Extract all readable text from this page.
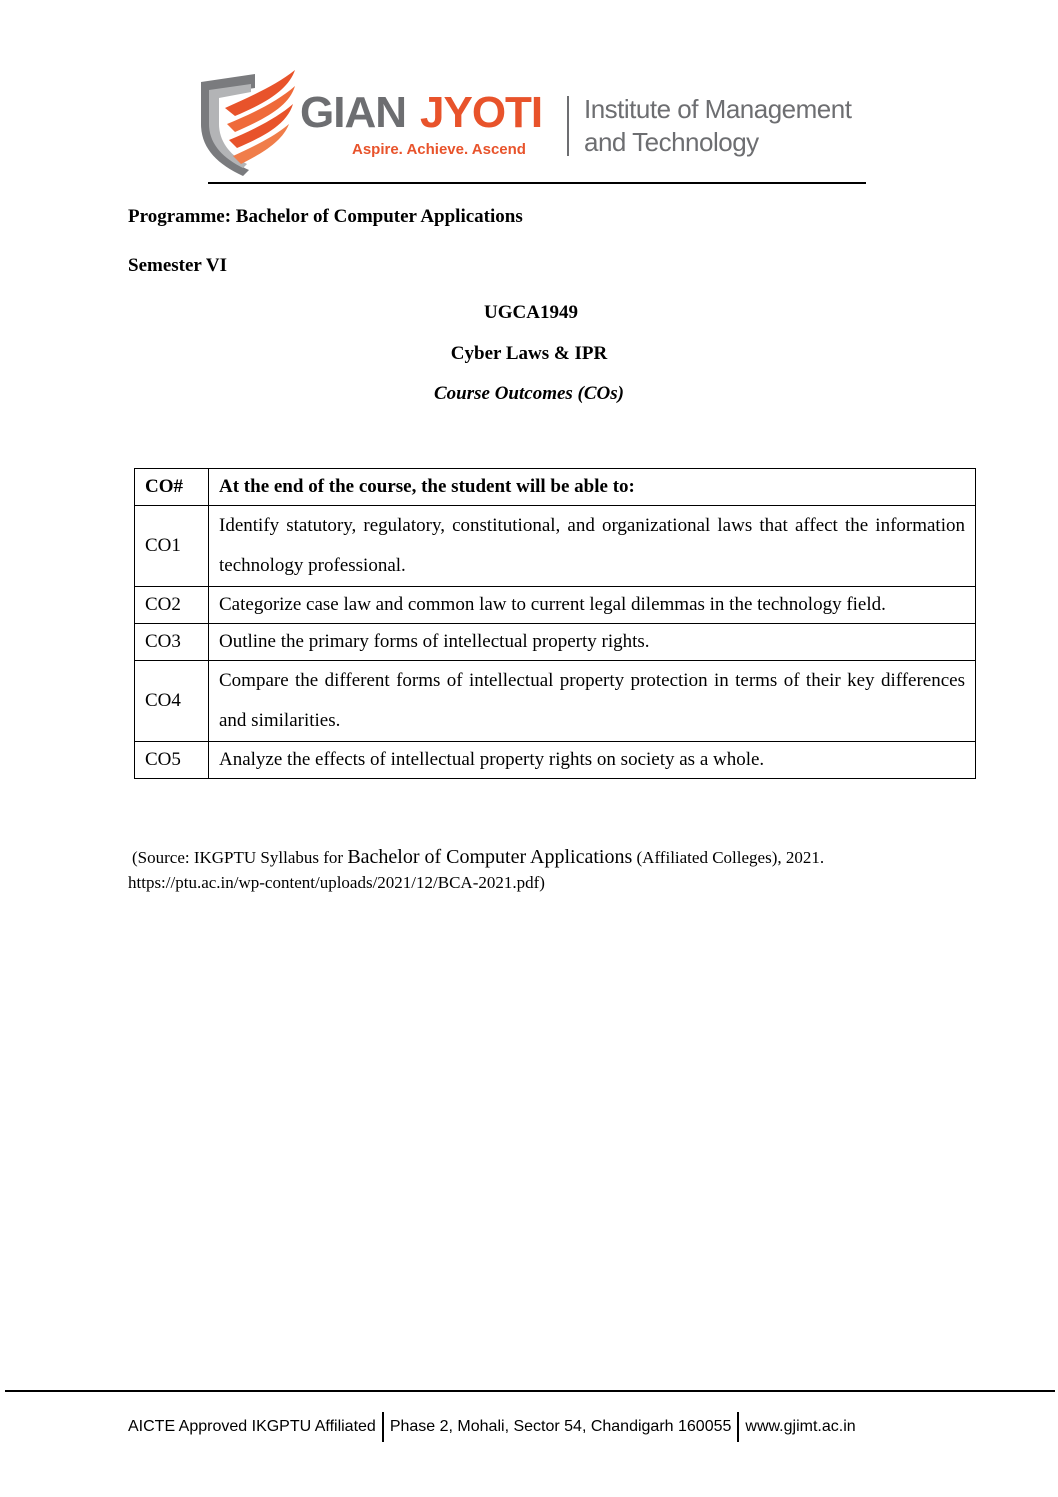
GIAN JYOTI
Aspire. Achieve. Ascend
Institute of Management
and Technology
Programme: Bachelor of Computer Applications
Semester VI
UGCA1949
Cyber Laws & IPR
Course Outcomes (COs)
CO#	At the end of the course, the student will be able to:
CO1	Identify statutory, regulatory, constitutional, and organizational laws that affect the information technology professional.
CO2	Categorize case law and common law to current legal dilemmas in the technology field.
CO3	Outline the primary forms of intellectual property rights.
CO4	Compare the different forms of intellectual property protection in terms of their key differences and similarities.
CO5	Analyze the effects of intellectual property rights on society as a whole.
(Source: IKGPTU Syllabus for Bachelor of Computer Applications (Affiliated Colleges), 2021.
https://ptu.ac.in/wp-content/uploads/2021/12/BCA-2021.pdf)
AICTE Approved IKGPTU Affiliated Phase 2, Mohali, Sector 54, Chandigarh 160055 www.gjimt.ac.in
